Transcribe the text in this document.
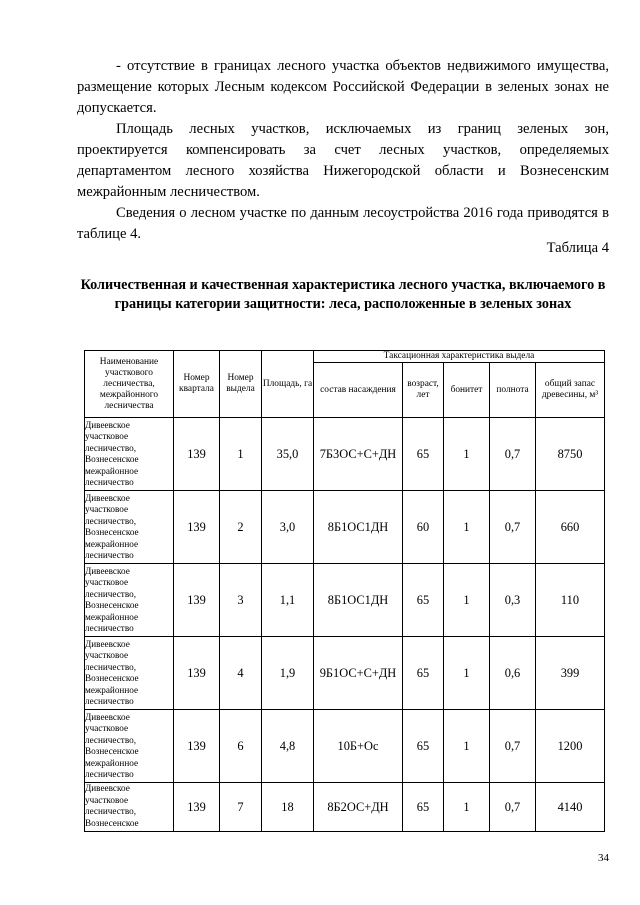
- отсутствие в границах лесного участка объектов недвижимого имущества, размещение которых Лесным кодексом Российской Федерации в зеленых зонах не допускается.

Площадь лесных участков, исключаемых из границ зеленых зон, проектируется компенсировать за счет лесных участков, определяемых департаментом лесного хозяйства Нижегородской области и Вознесенским межрайонным лесничеством.

Сведения о лесном участке по данным лесоустройства 2016 года приводятся в таблице 4.

Таблица 4

Количественная и качественная характеристика лесного участка, включаемого в границы категории защитности: леса, расположенные в зеленых зонах

Наименование участкового лесничества, межрайонного лесничества	Номер квартала	Номер выдела	Площадь, га	Таксационная характеристика выдела				
				состав насаждения	возраст, лет	бонитет	полнота	общий запас древесины, м³
Дивеевское участковое лесничество, Вознесенское межрайонное лесничество	139	1	35,0	7Б3ОС+С+ДН	65	1	0,7	8750
Дивеевское участковое лесничество, Вознесенское межрайонное лесничество	139	2	3,0	8Б1ОС1ДН	60	1	0,7	660
Дивеевское участковое лесничество, Вознесенское межрайонное лесничество	139	3	1,1	8Б1ОС1ДН	65	1	0,3	110
Дивеевское участковое лесничество, Вознесенское межрайонное лесничество	139	4	1,9	9Б1ОС+С+ДН	65	1	0,6	399
Дивеевское участковое лесничество, Вознесенское межрайонное лесничество	139	6	4,8	10Б+Ос	65	1	0,7	1200

Дивеевское участковое лесничество, Вознесенское	139	7	18	8Б2ОС+ДН	65	1	0,7	4140
34
